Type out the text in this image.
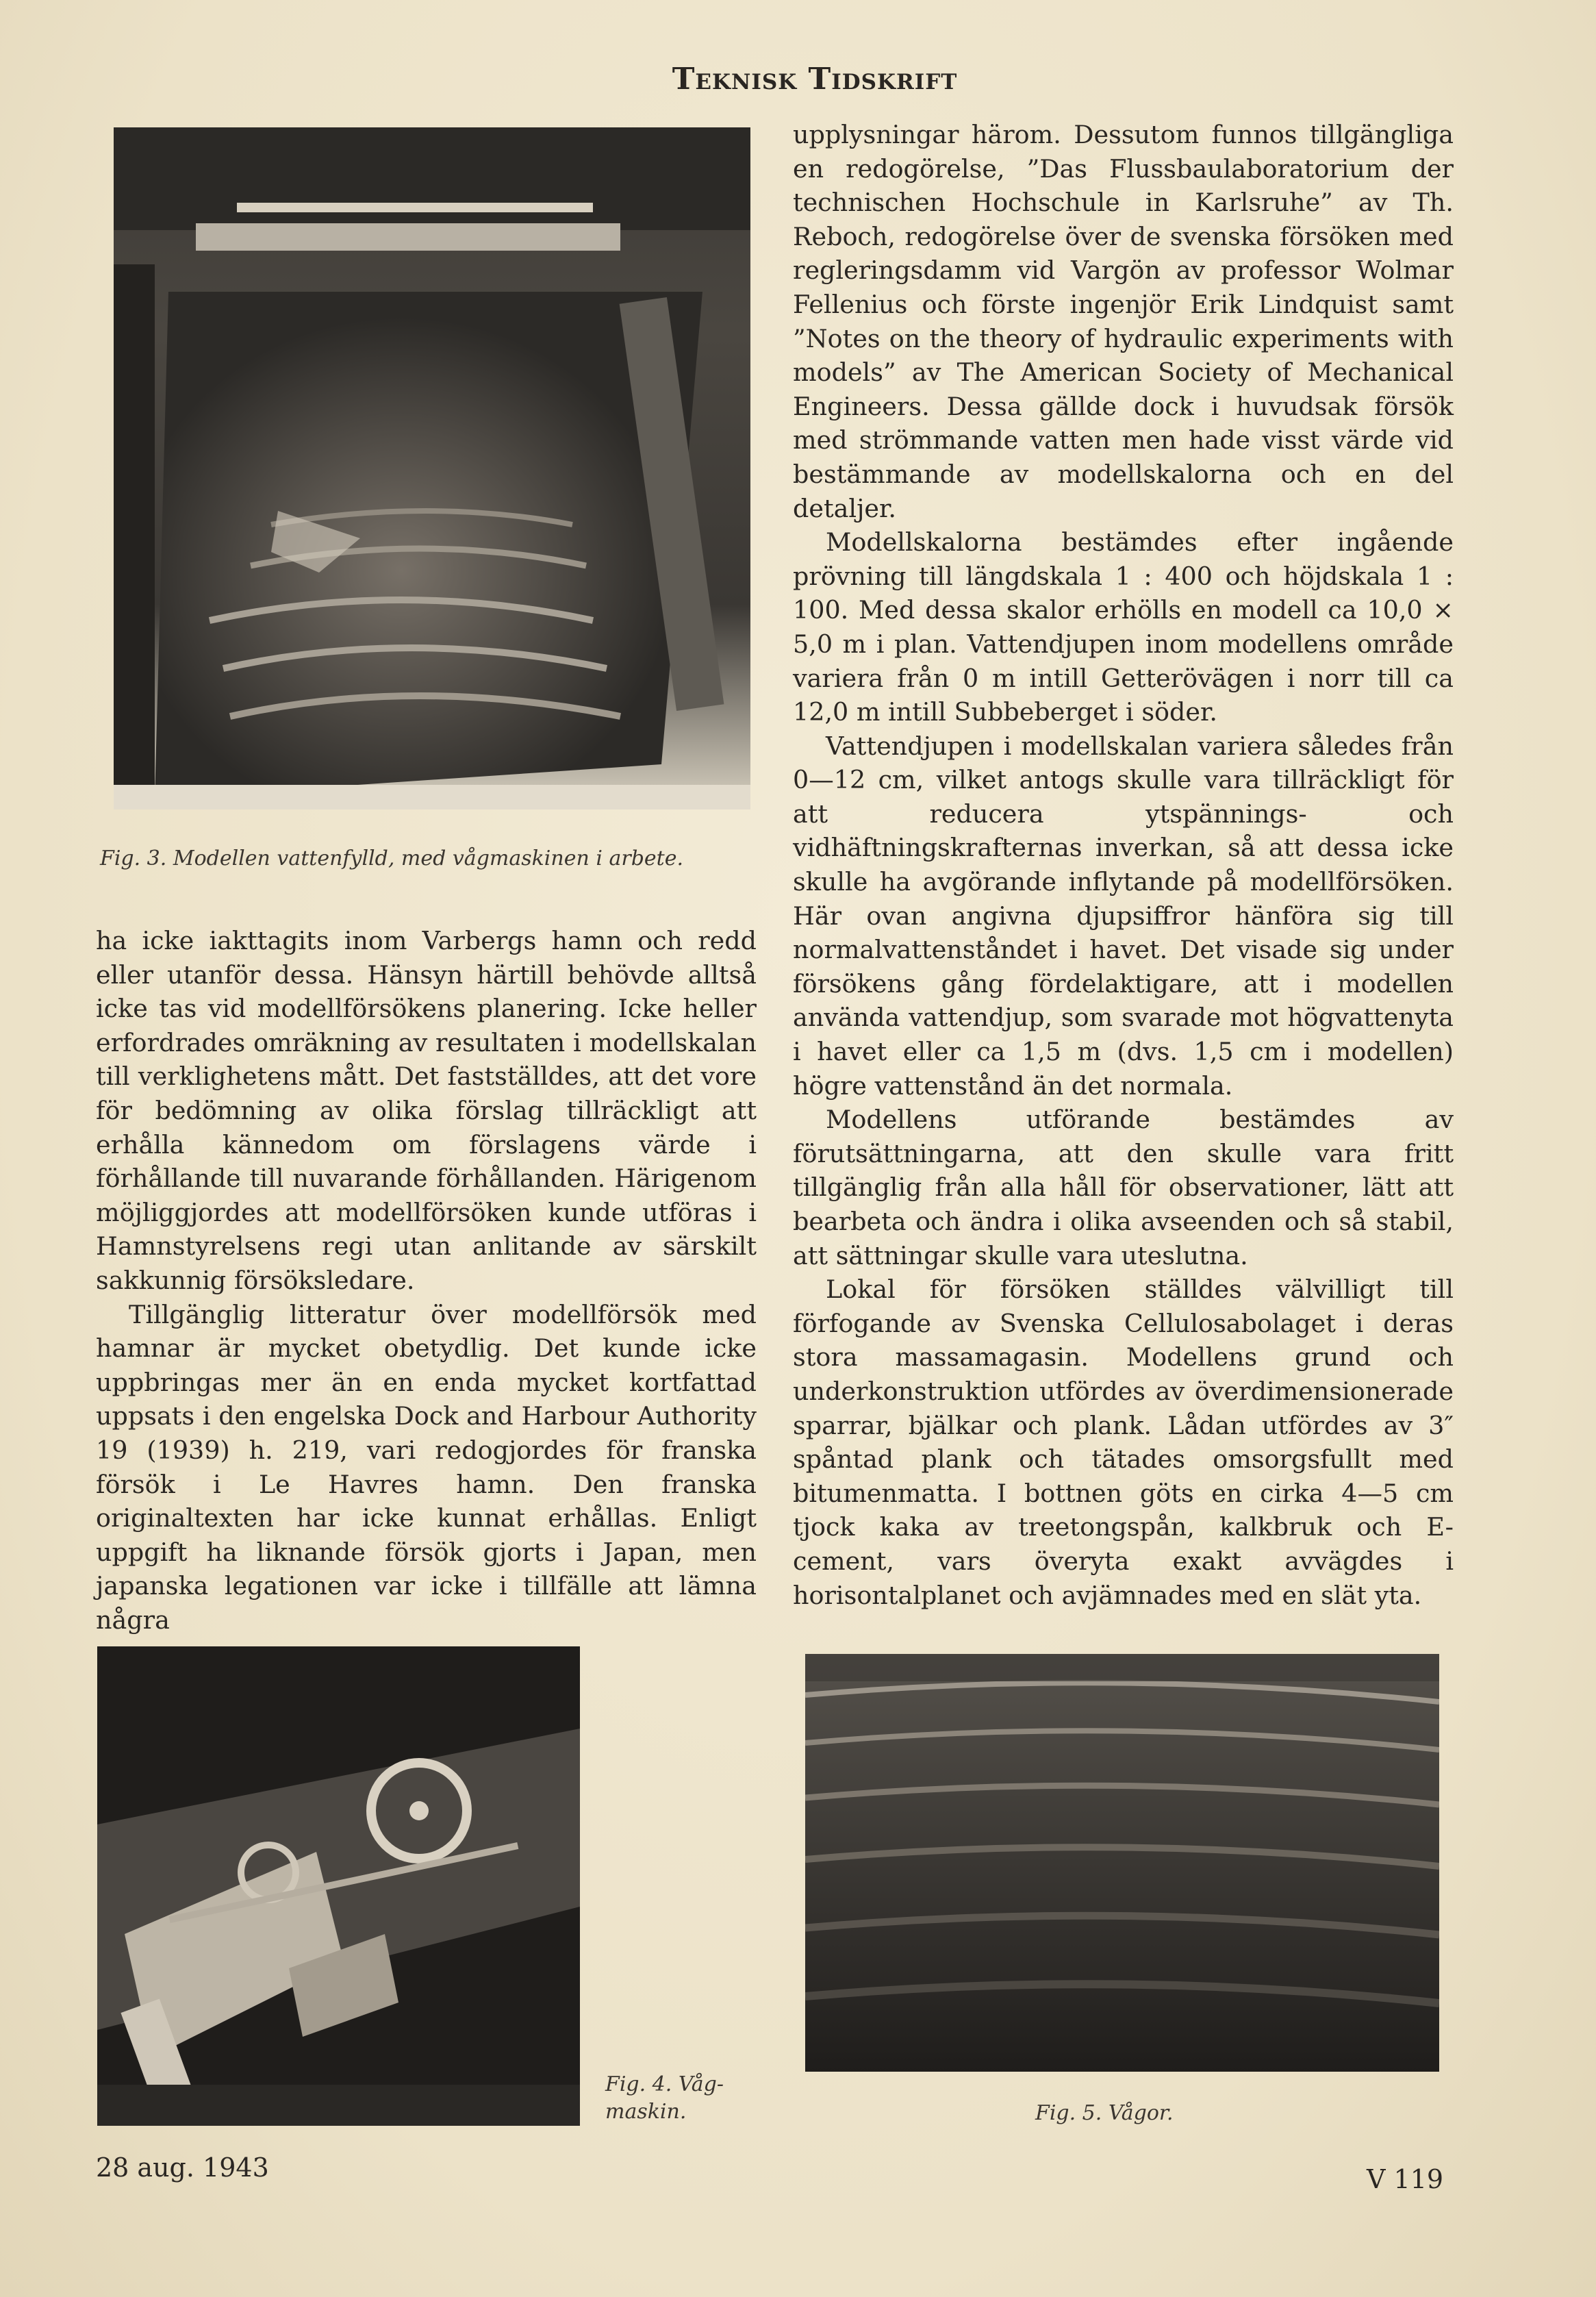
Teknisk Tidskrift
Fig. 3. Modellen vattenfylld, med vågmaskinen i arbete.

upplysningar härom. Dessutom funnos tillgängliga en redogörelse, ”Das Flussbaulaboratorium der technischen Hochschule in Karlsruhe” av Th. Reboch, redogörelse över de svenska försöken med regleringsdamm vid Vargön av professor Wolmar Fellenius och förste ingenjör Erik Lindquist samt ”Notes on the theory of hydraulic experiments with models” av The American Society of Mechanical Engineers. Dessa gällde dock i huvudsak försök med strömmande vatten men hade visst värde vid bestämmande av modellskalorna och en del detaljer.

Modellskalorna bestämdes efter ingående prövning till längdskala 1 : 400 och höjdskala 1 : 100. Med dessa skalor erhölls en modell ca 10,0 × 5,0 m i plan. Vattendjupen inom modellens område variera från 0 m intill Getterövägen i norr till ca 12,0 m intill Subbeberget i söder.

Vattendjupen i modellskalan variera således från 0—12 cm, vilket antogs skulle vara tillräckligt för att reducera ytspännings- och vidhäftningskrafternas inverkan, så att dessa icke skulle ha avgörande inflytande på modellförsöken. Här ovan angivna djupsiffror hänföra sig till normalvattenståndet i havet. Det visade sig under försökens gång fördelaktigare, att i modellen använda vattendjup, som svarade mot högvattenyta i havet eller ca 1,5 m (dvs. 1,5 cm i modellen) högre vattenstånd än det normala.

Modellens utförande bestämdes av förutsättningarna, att den skulle vara fritt tillgänglig från alla håll för observationer, lätt att bearbeta och ändra i olika avseenden och så stabil, att sättningar skulle vara uteslutna.

Lokal för försöken ställdes välvilligt till förfogande av Svenska Cellulosabolaget i deras stora massamagasin. Modellens grund och underkonstruktion utfördes av överdimensionerade sparrar, bjälkar och plank. Lådan utfördes av 3″ spåntad plank och tätades omsorgsfullt med bitumenmatta. I bottnen göts en cirka 4—5 cm tjock kaka av treetongspån, kalkbruk och E-cement, vars överyta exakt avvägdes i horisontalplanet och avjämnades med en slät yta.

ha icke iakttagits inom Varbergs hamn och redd eller utanför dessa. Hänsyn härtill behövde alltså icke tas vid modellförsökens planering. Icke heller erfordrades omräkning av resultaten i modellskalan till verklighetens mått. Det fastställdes, att det vore för bedömning av olika förslag tillräckligt att erhålla kännedom om förslagens värde i förhållande till nuvarande förhållanden. Härigenom möjliggjordes att modellförsöken kunde utföras i Hamnstyrelsens regi utan anlitande av särskilt sakkunnig försöksledare.

Tillgänglig litteratur över modellförsök med hamnar är mycket obetydlig. Det kunde icke uppbringas mer än en enda mycket kortfattad uppsats i den engelska Dock and Harbour Authority 19 (1939) h. 219, vari redogjordes för franska försök i Le Havres hamn. Den franska originaltexten har icke kunnat erhållas. Enligt uppgift ha liknande försök gjorts i Japan, men japanska legationen var icke i tillfälle att lämna några

Fig. 4. Våg-
maskin.	Fig. 5. Vågor.
28 aug. 1943	V 119
